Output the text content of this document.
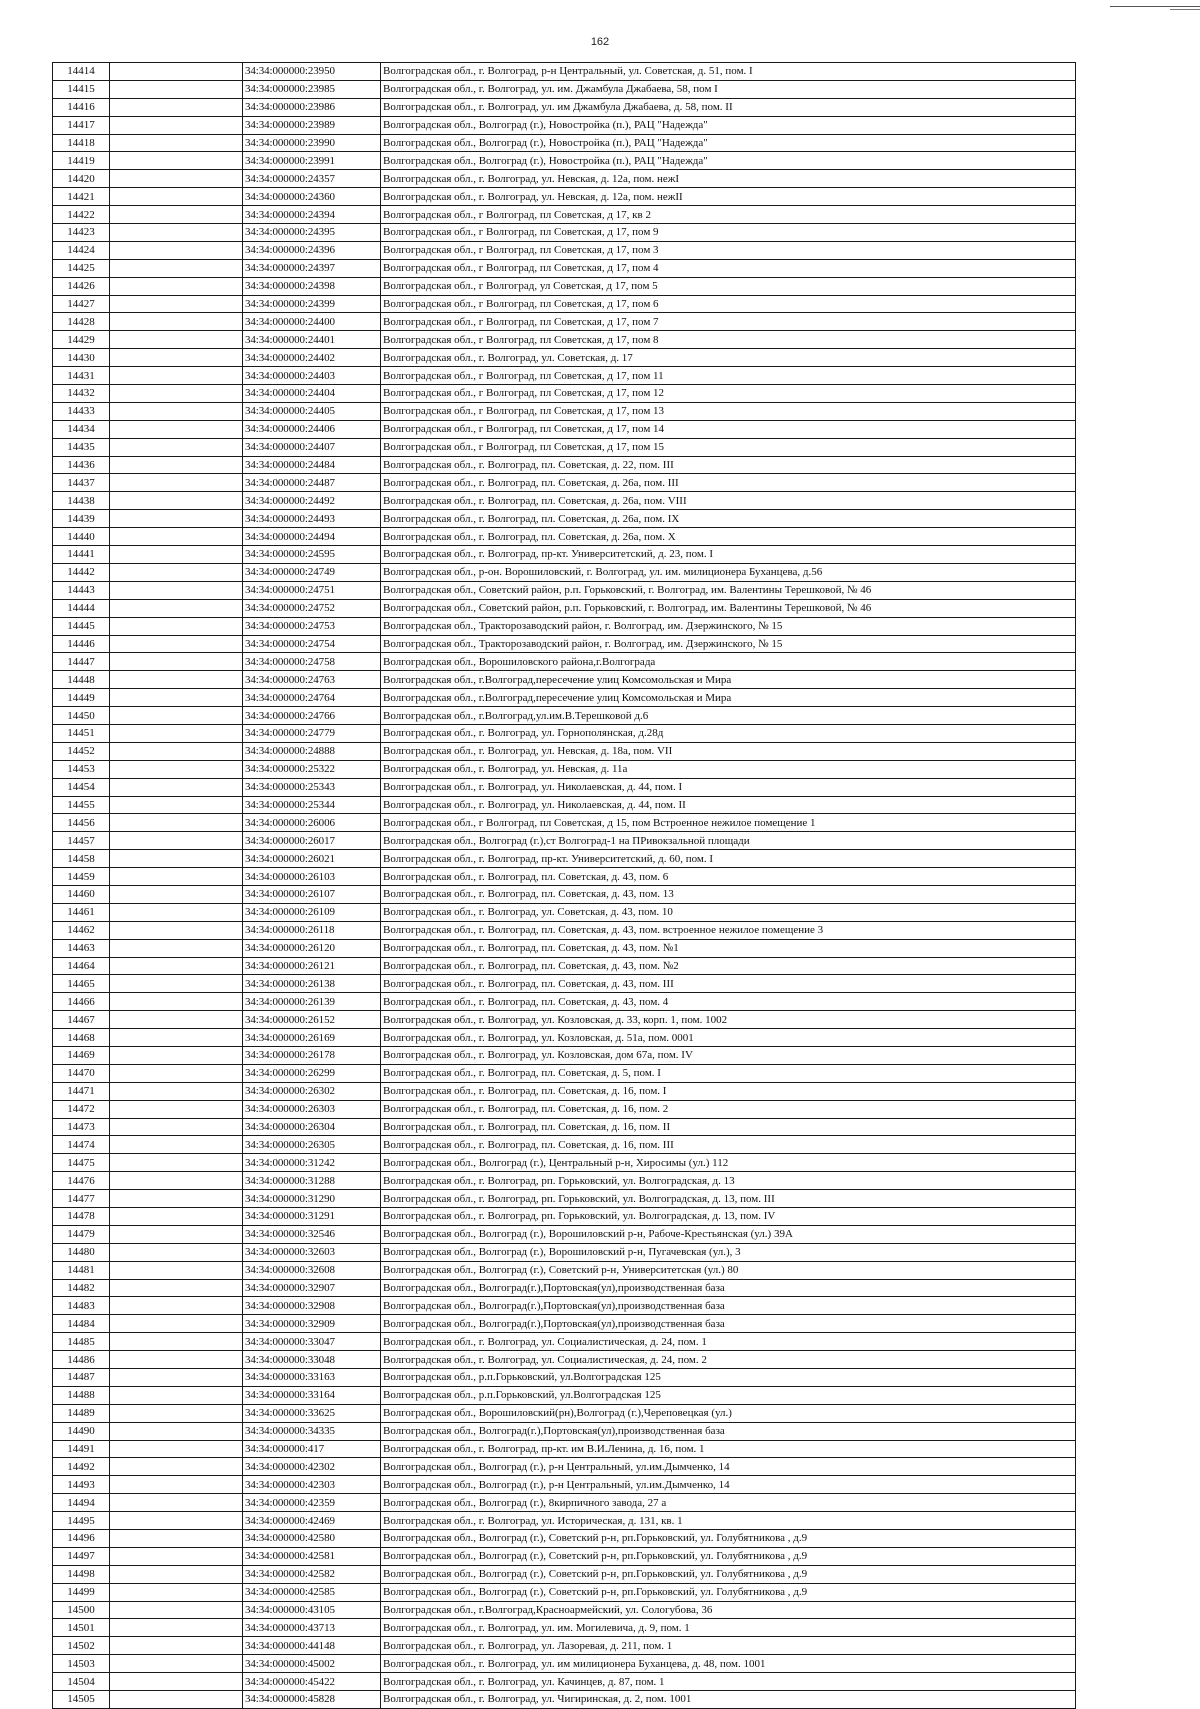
162
14414		34:34:000000:23950	Волгоградская обл., г. Волгоград, р-н Центральный, ул. Советская, д. 51, пом. I
14415		34:34:000000:23985	Волгоградская обл., г. Волгоград, ул. им. Джамбула Джабаева, 58, пом I
14416		34:34:000000:23986	Волгоградская обл., г. Волгоград, ул. им Джамбула Джабаева, д. 58, пом. II
14417		34:34:000000:23989	Волгоградская обл., Волгоград (г.), Новостройка (п.), РАЦ "Надежда"
14418		34:34:000000:23990	Волгоградская обл., Волгоград (г.), Новостройка (п.), РАЦ "Надежда"
14419		34:34:000000:23991	Волгоградская обл., Волгоград (г.), Новостройка (п.), РАЦ "Надежда"
14420		34:34:000000:24357	Волгоградская обл., г. Волгоград, ул. Невская, д. 12а, пом. нежI
14421		34:34:000000:24360	Волгоградская обл., г. Волгоград, ул. Невская, д. 12а, пом. нежII
14422		34:34:000000:24394	Волгоградская обл., г Волгоград, пл Советская, д 17, кв 2
14423		34:34:000000:24395	Волгоградская обл., г Волгоград, пл Советская, д 17, пом 9
14424		34:34:000000:24396	Волгоградская обл., г Волгоград, пл Советская, д 17, пом 3
14425		34:34:000000:24397	Волгоградская обл., г Волгоград, пл Советская, д 17, пом 4
14426		34:34:000000:24398	Волгоградская обл., г Волгоград, ул Советская, д 17, пом 5
14427		34:34:000000:24399	Волгоградская обл., г Волгоград, пл Советская, д 17, пом 6
14428		34:34:000000:24400	Волгоградская обл., г Волгоград, пл Советская, д 17, пом 7
14429		34:34:000000:24401	Волгоградская обл., г Волгоград, пл Советская, д 17, пом 8
14430		34:34:000000:24402	Волгоградская обл., г. Волгоград, ул. Советская, д. 17
14431		34:34:000000:24403	Волгоградская обл., г Волгоград, пл Советская, д 17, пом 11
14432		34:34:000000:24404	Волгоградская обл., г Волгоград, пл Советская, д 17, пом 12
14433		34:34:000000:24405	Волгоградская обл., г Волгоград, пл Советская, д 17, пом 13
14434		34:34:000000:24406	Волгоградская обл., г Волгоград, пл Советская, д 17, пом 14
14435		34:34:000000:24407	Волгоградская обл., г Волгоград, пл Советская, д 17, пом 15
14436		34:34:000000:24484	Волгоградская обл., г. Волгоград, пл. Советская, д. 22, пом. III
14437		34:34:000000:24487	Волгоградская обл., г. Волгоград, пл. Советская, д. 26а, пом. III
14438		34:34:000000:24492	Волгоградская обл., г. Волгоград, пл. Советская, д. 26а, пом. VIII
14439		34:34:000000:24493	Волгоградская обл., г. Волгоград, пл. Советская, д. 26а, пом. IX
14440		34:34:000000:24494	Волгоградская обл., г. Волгоград, пл. Советская, д. 26а, пом. X
14441		34:34:000000:24595	Волгоградская обл., г. Волгоград, пр-кт. Университетский, д. 23, пом. I
14442		34:34:000000:24749	Волгоградская обл., р-он. Ворошиловский, г. Волгоград, ул. им. милиционера Буханцева, д.56
14443		34:34:000000:24751	Волгоградская обл., Советский район, р.п. Горьковский, г. Волгоград, им. Валентины Терешковой, № 46
14444		34:34:000000:24752	Волгоградская обл., Советский район, р.п. Горьковский, г. Волгоград, им. Валентины Терешковой, № 46
14445		34:34:000000:24753	Волгоградская обл., Тракторозаводский район, г. Волгоград, им. Дзержинского, № 15
14446		34:34:000000:24754	Волгоградская обл., Тракторозаводский район, г. Волгоград, им. Дзержинского, № 15
14447		34:34:000000:24758	Волгоградская обл., Ворошиловского района,г.Волгограда
14448		34:34:000000:24763	Волгоградская обл., г.Волгоград,пересечение улиц Комсомольская и Мира
14449		34:34:000000:24764	Волгоградская обл., г.Волгоград,пересечение улиц Комсомольская и Мира
14450		34:34:000000:24766	Волгоградская обл., г.Волгоград,ул.им.В.Терешковой д.6
14451		34:34:000000:24779	Волгоградская обл., г. Волгоград, ул. Горнополянская, д.28д
14452		34:34:000000:24888	Волгоградская обл., г. Волгоград, ул. Невская, д. 18а, пом. VII
14453		34:34:000000:25322	Волгоградская обл., г. Волгоград, ул. Невская, д. 11а
14454		34:34:000000:25343	Волгоградская обл., г. Волгоград, ул. Николаевская, д. 44, пом. I
14455		34:34:000000:25344	Волгоградская обл., г. Волгоград, ул. Николаевская, д. 44, пом. II
14456		34:34:000000:26006	Волгоградская обл., г Волгоград, пл Советская, д 15, пом Встроенное нежилое помещение 1
14457		34:34:000000:26017	Волгоградская обл., Волгоград (г.),ст Волгоград-1 на ПРивокзальной площади
14458		34:34:000000:26021	Волгоградская обл., г. Волгоград, пр-кт. Университетский, д. 60, пом. I
14459		34:34:000000:26103	Волгоградская обл., г. Волгоград, пл. Советская, д. 43, пом. 6
14460		34:34:000000:26107	Волгоградская обл., г. Волгоград, пл. Советская, д. 43, пом. 13
14461		34:34:000000:26109	Волгоградская обл., г. Волгоград, ул. Советская, д. 43, пом. 10
14462		34:34:000000:26118	Волгоградская обл., г. Волгоград, пл. Советская, д. 43, пом. встроенное нежилое помещение 3
14463		34:34:000000:26120	Волгоградская обл., г. Волгоград, пл. Советская, д. 43, пом. №1
14464		34:34:000000:26121	Волгоградская обл., г. Волгоград, пл. Советская, д. 43, пом. №2
14465		34:34:000000:26138	Волгоградская обл., г. Волгоград, пл. Советская, д. 43, пом. III
14466		34:34:000000:26139	Волгоградская обл., г. Волгоград, пл. Советская, д. 43, пом. 4
14467		34:34:000000:26152	Волгоградская обл., г. Волгоград, ул. Козловская, д. 33, корп. 1, пом. 1002
14468		34:34:000000:26169	Волгоградская обл., г. Волгоград, ул. Козловская, д. 51а, пом. 0001
14469		34:34:000000:26178	Волгоградская обл., г. Волгоград, ул. Козловская, дом 67а, пом. IV
14470		34:34:000000:26299	Волгоградская обл., г. Волгоград, пл. Советская, д. 5, пом. I
14471		34:34:000000:26302	Волгоградская обл., г. Волгоград, пл. Советская, д. 16, пом. I
14472		34:34:000000:26303	Волгоградская обл., г. Волгоград, пл. Советская, д. 16, пом. 2
14473		34:34:000000:26304	Волгоградская обл., г. Волгоград, пл. Советская, д. 16, пом. II
14474		34:34:000000:26305	Волгоградская обл., г. Волгоград, пл. Советская, д. 16, пом. III
14475		34:34:000000:31242	Волгоградская обл., Волгоград (г.), Центральный р-н, Хиросимы (ул.) 112
14476		34:34:000000:31288	Волгоградская обл., г. Волгоград, рп. Горьковский, ул. Волгоградская, д. 13
14477		34:34:000000:31290	Волгоградская обл., г. Волгоград, рп. Горьковский, ул. Волгоградская, д. 13, пом. III
14478		34:34:000000:31291	Волгоградская обл., г. Волгоград, рп. Горьковский, ул. Волгоградская, д. 13, пом. IV
14479		34:34:000000:32546	Волгоградская обл., Волгоград (г.), Ворошиловский р-н, Рабоче-Крестьянская (ул.) 39А
14480		34:34:000000:32603	Волгоградская обл., Волгоград (г.), Ворошиловский р-н, Пугачевская (ул.), 3
14481		34:34:000000:32608	Волгоградская обл., Волгоград (г.), Советский р-н, Университетская (ул.) 80
14482		34:34:000000:32907	Волгоградская обл., Волгоград(г.),Портовская(ул),производственная база
14483		34:34:000000:32908	Волгоградская обл., Волгоград(г.),Портовская(ул),производственная база
14484		34:34:000000:32909	Волгоградская обл., Волгоград(г.),Портовская(ул),производственная база
14485		34:34:000000:33047	Волгоградская обл., г. Волгоград, ул. Социалистическая, д. 24, пом. 1
14486		34:34:000000:33048	Волгоградская обл., г. Волгоград, ул. Социалистическая, д. 24, пом. 2
14487		34:34:000000:33163	Волгоградская обл., р.п.Горьковский, ул.Волгоградская 125
14488		34:34:000000:33164	Волгоградская обл., р.п.Горьковский, ул.Волгоградская 125
14489		34:34:000000:33625	Волгоградская обл., Ворошиловский(рн),Волгоград (г.),Череповецкая (ул.)
14490		34:34:000000:34335	Волгоградская обл., Волгоград(г.),Портовская(ул),производственная база
14491		34:34:000000:417	Волгоградская обл., г. Волгоград, пр-кт. им В.И.Ленина, д. 16, пом. 1
14492		34:34:000000:42302	Волгоградская обл., Волгоград (г.), р-н Центральный, ул.им.Дымченко, 14
14493		34:34:000000:42303	Волгоградская обл., Волгоград (г.), р-н Центральный, ул.им.Дымченко, 14
14494		34:34:000000:42359	Волгоградская обл., Волгоград (г.), 8кирпичного завода, 27 а
14495		34:34:000000:42469	Волгоградская обл., г. Волгоград, ул. Историческая, д. 131, кв. 1
14496		34:34:000000:42580	Волгоградская обл., Волгоград (г.), Советский р-н, рп.Горьковский, ул. Голубятникова , д.9
14497		34:34:000000:42581	Волгоградская обл., Волгоград (г.), Советский р-н, рп.Горьковский, ул. Голубятникова , д.9
14498		34:34:000000:42582	Волгоградская обл., Волгоград (г.), Советский р-н, рп.Горьковский, ул. Голубятникова , д.9
14499		34:34:000000:42585	Волгоградская обл., Волгоград (г.), Советский р-н, рп.Горьковский, ул. Голубятникова , д.9
14500		34:34:000000:43105	Волгоградская обл., г.Волгоград,Красноармейский, ул. Сологубова, 36
14501		34:34:000000:43713	Волгоградская обл., г. Волгоград, ул. им. Могилевича, д. 9, пом. 1
14502		34:34:000000:44148	Волгоградская обл., г. Волгоград, ул. Лазоревая, д. 211, пом. 1
14503		34:34:000000:45002	Волгоградская обл., г. Волгоград, ул. им милиционера Буханцева, д. 48, пом. 1001
14504		34:34:000000:45422	Волгоградская обл., г. Волгоград, ул. Качинцев, д. 87, пом. 1
14505		34:34:000000:45828	Волгоградская обл., г. Волгоград, ул. Чигиринская, д. 2, пом. 1001
